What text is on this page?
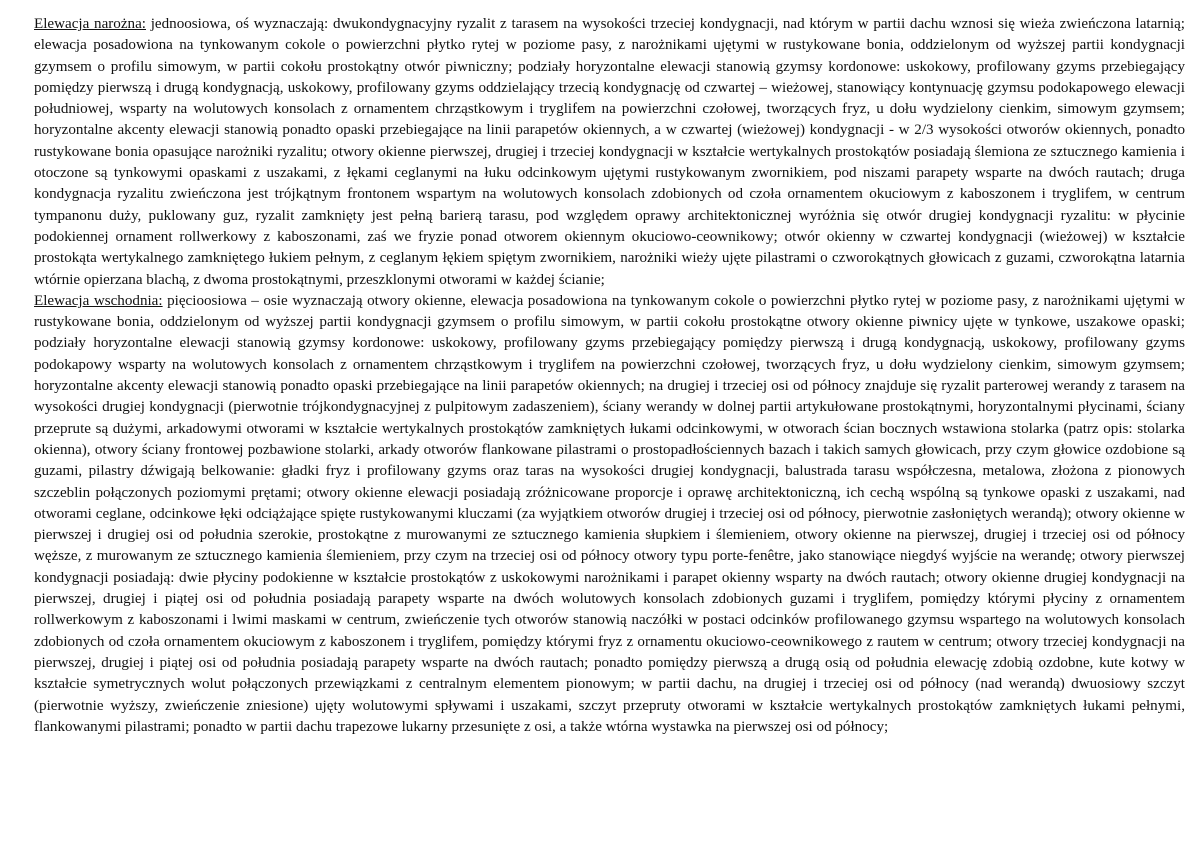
Elewacja narożna: jednoosiowa, oś wyznaczają: dwukondygnacyjny ryzalit z tarasem na wysokości trzeciej kondygnacji, nad którym w partii dachu wznosi się wieża zwieńczona latarnią; elewacja posadowiona na tynkowanym cokole o powierzchni płytko rytej w poziome pasy, z narożnikami ujętymi w rustykowane bonia, oddzielonym od wyższej partii kondygnacji gzymsem o profilu simowym, w partii cokołu prostokątny otwór piwniczny; podziały horyzontalne elewacji stanowią gzymsy kordonowe: uskokowy, profilowany gzyms przebiegający pomiędzy pierwszą i drugą kondygnacją, uskokowy, profilowany gzyms oddzielający trzecią kondygnację od czwartej – wieżowej, stanowiący kontynuację gzymsu podokapowego elewacji południowej, wsparty na wolutowych konsolach z ornamentem chrząstkowym i tryglifem na powierzchni czołowej, tworzących fryz, u dołu wydzielony cienkim, simowym gzymsem; horyzontalne akcenty elewacji stanowią ponadto opaski przebiegające na linii parapetów okiennych, a w czwartej (wieżowej) kondygnacji - w 2/3 wysokości otworów okiennych, ponadto rustykowane bonia opasujące narożniki ryzalitu; otwory okienne pierwszej, drugiej i trzeciej kondygnacji w kształcie wertykalnych prostokątów posiadają ślemiona ze sztucznego kamienia i otoczone są tynkowymi opaskami z uszakami, z łękami ceglanymi na łuku odcinkowym ujętymi rustykowanym zwornikiem, pod niszami parapety wsparte na dwóch rautach; druga kondygnacja ryzalitu zwieńczona jest trójkątnym frontonem wspartym na wolutowych konsolach zdobionych od czoła ornamentem okuciowym z kaboszonem i tryglifem, w centrum tympanonu duży, puklowany guz, ryzalit zamknięty jest pełną barierą tarasu, pod względem oprawy architektonicznej wyróżnia się otwór drugiej kondygnacji ryzalitu: w płycinie podokiennej ornament rollwerkowy z kaboszonami, zaś we fryzie ponad otworem okiennym okuciowo-ceownikowy; otwór okienny w czwartej kondygnacji (wieżowej) w kształcie prostokąta wertykalnego zamkniętego łukiem pełnym, z ceglanym łękiem spiętym zwornikiem, narożniki wieży ujęte pilastrami o czworokątnych głowicach z guzami, czworokątna latarnia wtórnie opierzana blachą, z dwoma prostokątnymi, przeszklonymi otworami w każdej ścianie;

Elewacja wschodnia: pięcioosiowa – osie wyznaczają otwory okienne, elewacja posadowiona na tynkowanym cokole o powierzchni płytko rytej w poziome pasy, z narożnikami ujętymi w rustykowane bonia, oddzielonym od wyższej partii kondygnacji gzymsem o profilu simowym, w partii cokołu prostokątne otwory okienne piwnicy ujęte w tynkowe, uszakowe opaski; podziały horyzontalne elewacji stanowią gzymsy kordonowe: uskokowy, profilowany gzyms przebiegający pomiędzy pierwszą i drugą kondygnacją, uskokowy, profilowany gzyms podokapowy wsparty na wolutowych konsolach z ornamentem chrząstkowym i tryglifem na powierzchni czołowej, tworzących fryz, u dołu wydzielony cienkim, simowym gzymsem; horyzontalne akcenty elewacji stanowią ponadto opaski przebiegające na linii parapetów okiennych; na drugiej i trzeciej osi od północy znajduje się ryzalit parterowej werandy z tarasem na wysokości drugiej kondygnacji (pierwotnie trójkondygnacyjnej z pulpitowym zadaszeniem), ściany werandy w dolnej partii artykułowane prostokątnymi, horyzontalnymi płycinami, ściany przeprute są dużymi, arkadowymi otworami w kształcie wertykalnych prostokątów zamkniętych łukami odcinkowymi, w otworach ścian bocznych wstawiona stolarka (patrz opis: stolarka okienna), otwory ściany frontowej pozbawione stolarki, arkady otworów flankowane pilastrami o prostopadłościennych bazach i takich samych głowicach, przy czym głowice ozdobione są guzami, pilastry dźwigają belkowanie: gładki fryz i profilowany gzyms oraz taras na wysokości drugiej kondygnacji, balustrada tarasu współczesna, metalowa, złożona z pionowych szczeblin połączonych poziomymi prętami; otwory okienne elewacji posiadają zróżnicowane proporcje i oprawę architektoniczną, ich cechą wspólną są tynkowe opaski z uszakami, nad otworami ceglane, odcinkowe łęki odciążające spięte rustykowanymi kluczami (za wyjątkiem otworów drugiej i trzeciej osi od północy, pierwotnie zasłoniętych werandą); otwory okienne w pierwszej i drugiej osi od południa szerokie, prostokątne z murowanymi ze sztucznego kamienia słupkiem i ślemieniem, otwory okienne na pierwszej, drugiej i trzeciej osi od północy węższe, z murowanym ze sztucznego kamienia ślemieniem, przy czym na trzeciej osi od północy otwory typu porte-fenêtre, jako stanowiące niegdyś wyjście na werandę; otwory pierwszej kondygnacji posiadają: dwie płyciny podokienne w kształcie prostokątów z uskokowymi narożnikami i parapet okienny wsparty na dwóch rautach; otwory okienne drugiej kondygnacji na pierwszej, drugiej i piątej osi od południa posiadają parapety wsparte na dwóch wolutowych konsolach zdobionych guzami i tryglifem, pomiędzy którymi płyciny z ornamentem rollwerkowym z kaboszonami i lwimi maskami w centrum, zwieńczenie tych otworów stanowią naczółki w postaci odcinków profilowanego gzymsu wspartego na wolutowych konsolach zdobionych od czoła ornamentem okuciowym z kaboszonem i tryglifem, pomiędzy którymi fryz z ornamentu okuciowo-ceownikowego z rautem w centrum; otwory trzeciej kondygnacji na pierwszej, drugiej i piątej osi od południa posiadają parapety wsparte na dwóch rautach; ponadto pomiędzy pierwszą a drugą osią od południa elewację zdobią ozdobne, kute kotwy w kształcie symetrycznych wolut połączonych przewiązkami z centralnym elementem pionowym; w partii dachu, na drugiej i trzeciej osi od północy (nad werandą) dwuosiowy szczyt (pierwotnie wyższy, zwieńczenie zniesione) ujęty wolutowymi spływami i uszakami, szczyt przepruty otworami w kształcie wertykalnych prostokątów zamkniętych łukami pełnymi, flankowanymi pilastrami; ponadto w partii dachu trapezowe lukarny przesunięte z osi, a także wtórna wystawka na pierwszej osi od północy;
